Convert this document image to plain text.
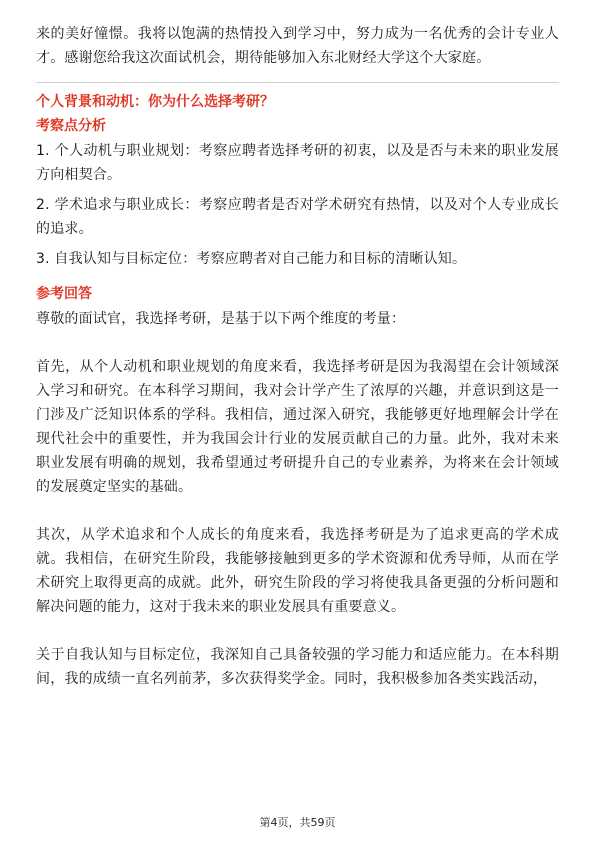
来的美好憧憬。我将以饱满的热情投入到学习中，努力成为一名优秀的会计专业人才。感谢您给我这次面试机会，期待能够加入东北财经大学这个大家庭。

个人背景和动机：你为什么选择考研？
考察点分析

1. 个人动机与职业规划：考察应聘者选择考研的初衷，以及是否与未来的职业发展方向相契合。

2. 学术追求与职业成长：考察应聘者是否对学术研究有热情，以及对个人专业成长的追求。

3. 自我认知与目标定位：考察应聘者对自己能力和目标的清晰认知。

参考回答

尊敬的面试官，我选择考研，是基于以下两个维度的考量：

首先，从个人动机和职业规划的角度来看，我选择考研是因为我渴望在会计领域深入学习和研究。在本科学习期间，我对会计学产生了浓厚的兴趣，并意识到这是一门涉及广泛知识体系的学科。我相信，通过深入研究，我能够更好地理解会计学在现代社会中的重要性，并为我国会计行业的发展贡献自己的力量。此外，我对未来职业发展有明确的规划，我希望通过考研提升自己的专业素养，为将来在会计领域的发展奠定坚实的基础。

其次，从学术追求和个人成长的角度来看，我选择考研是为了追求更高的学术成就。我相信，在研究生阶段，我能够接触到更多的学术资源和优秀导师，从而在学术研究上取得更高的成就。此外，研究生阶段的学习将使我具备更强的分析问题和解决问题的能力，这对于我未来的职业发展具有重要意义。

关于自我认知与目标定位，我深知自己具备较强的学习能力和适应能力。在本科期间，我的成绩一直名列前茅，多次获得奖学金。同时，我积极参加各类实践活动，

第4页，共59页
